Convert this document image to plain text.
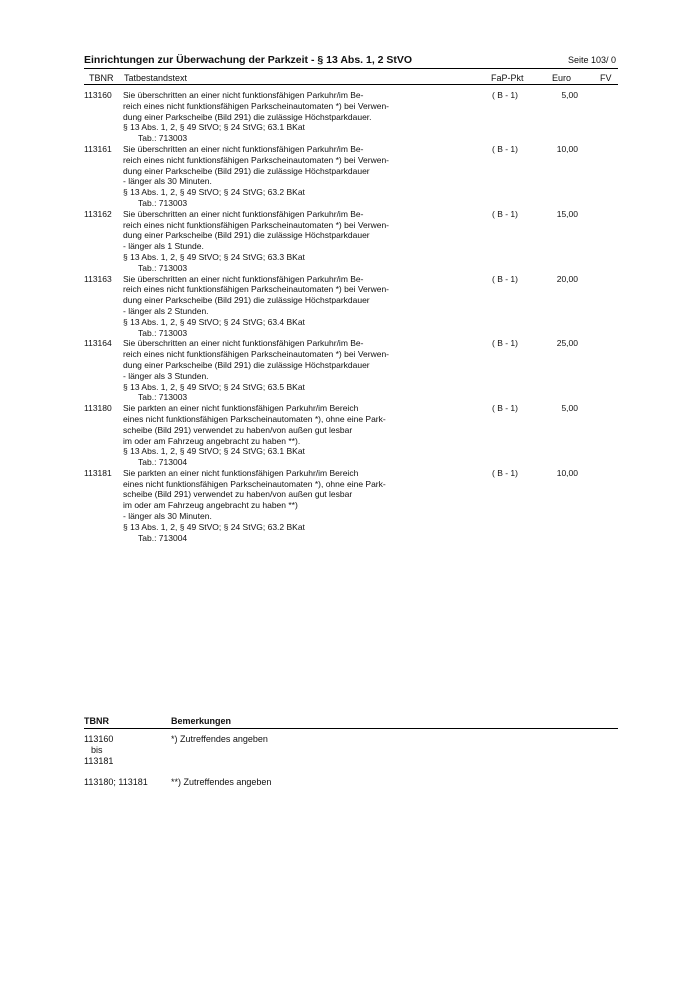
Einrichtungen zur Überwachung der Parkzeit - § 13 Abs. 1, 2 StVO	Seite 103/ 0
TBNR Tatbestandstext	FaP-Pkt	Euro	FV
113160 Sie überschritten an einer nicht funktionsfähigen Parkuhr/im Be-
reich eines nicht funktionsfähigen Parkscheinautomaten *) bei Verwen-
dung einer Parkscheibe (Bild 291) die zulässige Höchstparkdauer.
§ 13 Abs. 1, 2, § 49 StVO; § 24 StVG; 63.1 BKat
Tab.: 713003
( B - 1)	5,00
113161 Sie überschritten an einer nicht funktionsfähigen Parkuhr/im Be-
reich eines nicht funktionsfähigen Parkscheinautomaten *) bei Verwen-
dung einer Parkscheibe (Bild 291) die zulässige Höchstparkdauer
- länger als 30 Minuten.
§ 13 Abs. 1, 2, § 49 StVO; § 24 StVG; 63.2 BKat
Tab.: 713003
( B - 1)	10,00
113162 Sie überschritten an einer nicht funktionsfähigen Parkuhr/im Be-
reich eines nicht funktionsfähigen Parkscheinautomaten *) bei Verwen-
dung einer Parkscheibe (Bild 291) die zulässige Höchstparkdauer
- länger als 1 Stunde.
§ 13 Abs. 1, 2, § 49 StVO; § 24 StVG; 63.3 BKat
Tab.: 713003
( B - 1)	15,00
113163 Sie überschritten an einer nicht funktionsfähigen Parkuhr/im Be-
reich eines nicht funktionsfähigen Parkscheinautomaten *) bei Verwen-
dung einer Parkscheibe (Bild 291) die zulässige Höchstparkdauer
- länger als 2 Stunden.
§ 13 Abs. 1, 2, § 49 StVO; § 24 StVG; 63.4 BKat
Tab.: 713003
( B - 1)	20,00
113164 Sie überschritten an einer nicht funktionsfähigen Parkuhr/im Be-
reich eines nicht funktionsfähigen Parkscheinautomaten *) bei Verwen-
dung einer Parkscheibe (Bild 291) die zulässige Höchstparkdauer
- länger als 3 Stunden.
§ 13 Abs. 1, 2, § 49 StVO; § 24 StVG; 63.5 BKat
Tab.: 713003
( B - 1)	25,00
113180 Sie parkten an einer nicht funktionsfähigen Parkuhr/im Bereich
eines nicht funktionsfähigen Parkscheinautomaten *), ohne eine Park-
scheibe (Bild 291) verwendet zu haben/von außen gut lesbar
im oder am Fahrzeug angebracht zu haben **).
§ 13 Abs. 1, 2, § 49 StVO; § 24 StVG; 63.1 BKat
Tab.: 713004
( B - 1)	5,00
113181 Sie parkten an einer nicht funktionsfähigen Parkuhr/im Bereich
eines nicht funktionsfähigen Parkscheinautomaten *), ohne eine Park-
scheibe (Bild 291) verwendet zu haben/von außen gut lesbar
im oder am Fahrzeug angebracht zu haben **)
- länger als 30 Minuten.
§ 13 Abs. 1, 2, § 49 StVO; § 24 StVG; 63.2 BKat
Tab.: 713004
( B - 1)	10,00
TBNR	Bemerkungen
113160
bis
113181
*) Zutreffendes angeben
113180; 113181	**) Zutreffendes angeben
